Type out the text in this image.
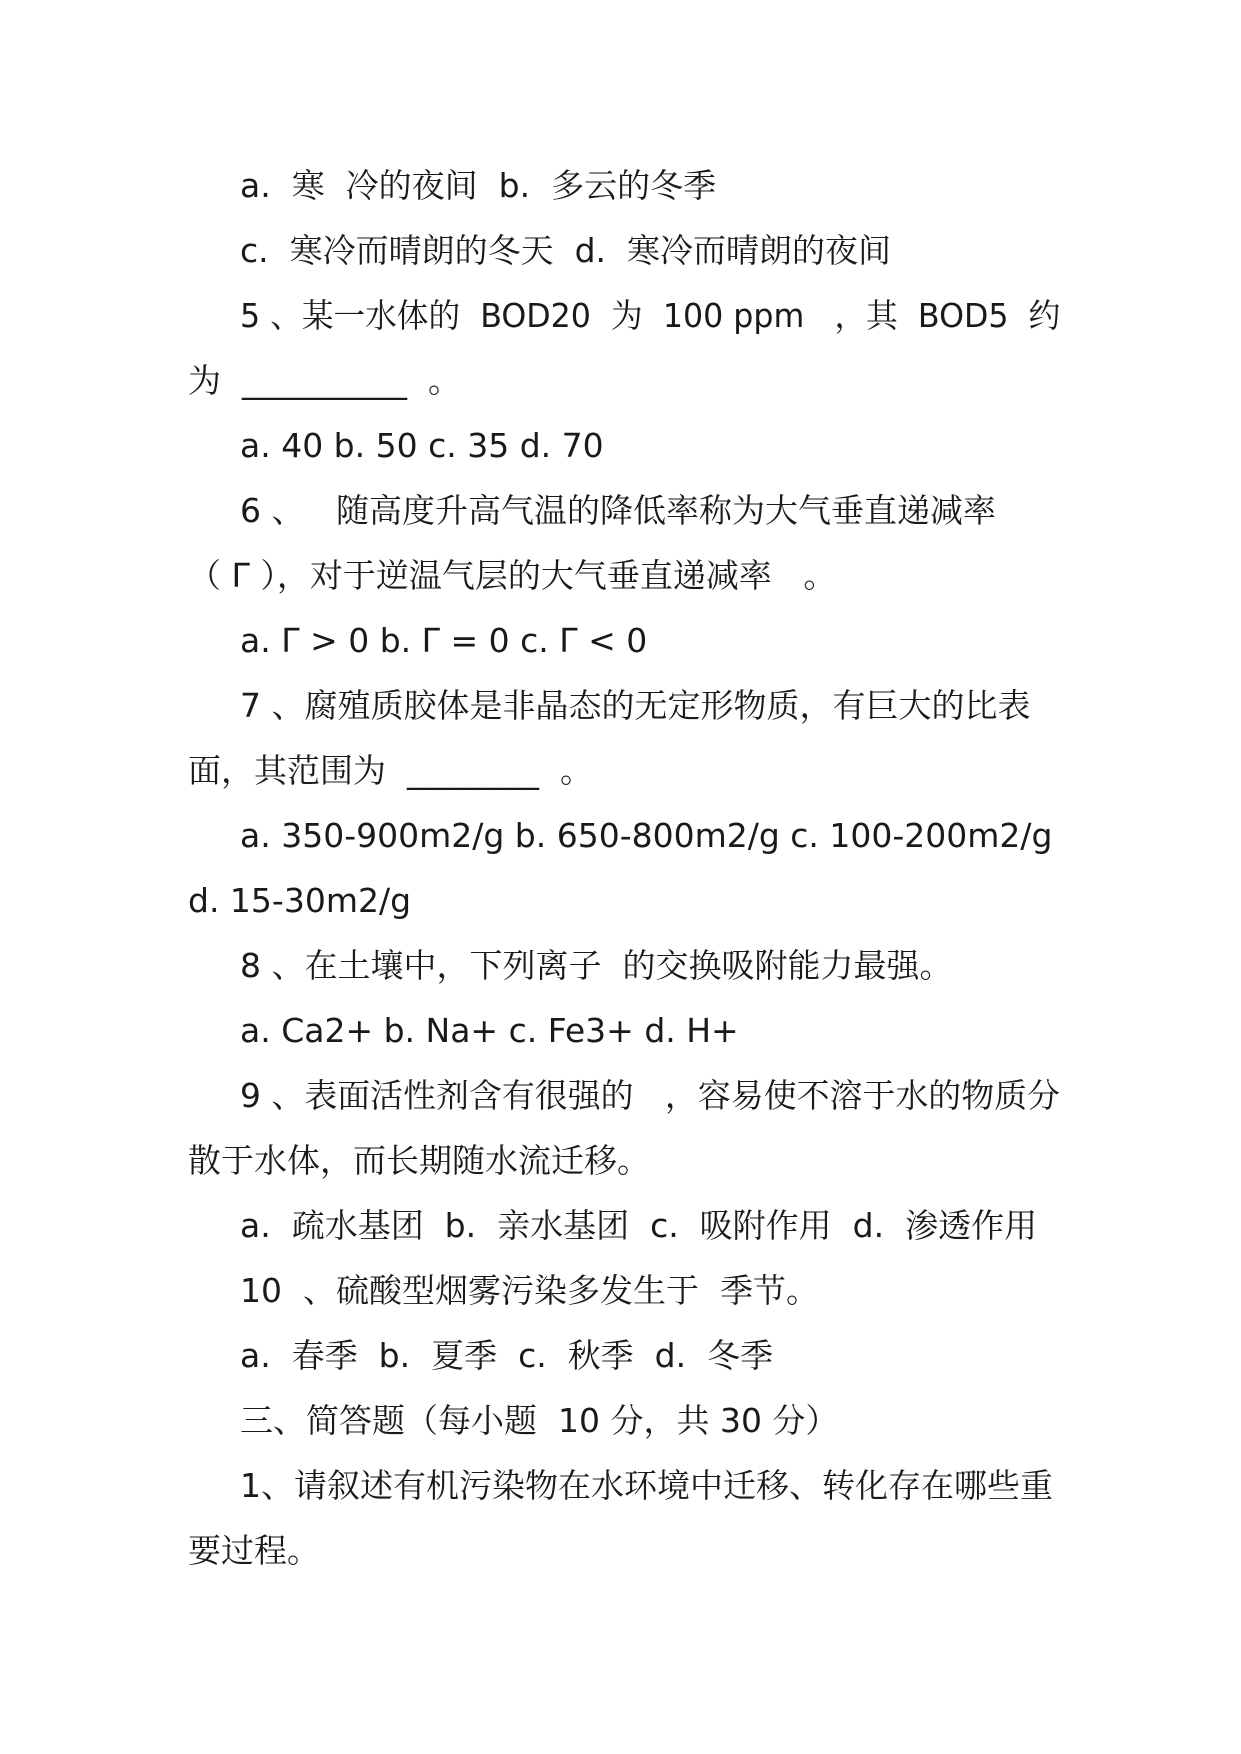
a.  寒  冷的夜间  b.  多云的冬季
c.  寒冷而晴朗的冬天  d.  寒冷而晴朗的夜间
5 、某一水体的  BOD20  为  100 ppm   ，其  BOD5  约
为  __________  。
a. 40 b. 50 c. 35 d. 70
6 、   随高度升高气温的降低率称为大气垂直递减率
（ Γ ），对于逆温气层的大气垂直递减率   。
a. Γ > 0 b. Γ = 0 c. Γ < 0
7 、腐殖质胶体是非晶态的无定形物质，有巨大的比表
面，其范围为  ________  。
a. 350-900m2/g b. 650-800m2/g c. 100-200m2/g
d. 15-30m2/g
8 、在土壤中，下列离子  的交换吸附能力最强。
a. Ca2+ b. Na+ c. Fe3+ d. H+
9 、表面活性剂含有很强的   ，容易使不溶于水的物质分
散于水体，而长期随水流迁移。
a.  疏水基团  b.  亲水基团  c.  吸附作用  d.  渗透作用
10  、硫酸型烟雾污染多发生于  季节。
a.  春季  b.  夏季  c.  秋季  d.  冬季
三、简答题（每小题  10 分，共 30 分）
1、请叙述有机污染物在水环境中迁移、转化存在哪些重
要过程。
